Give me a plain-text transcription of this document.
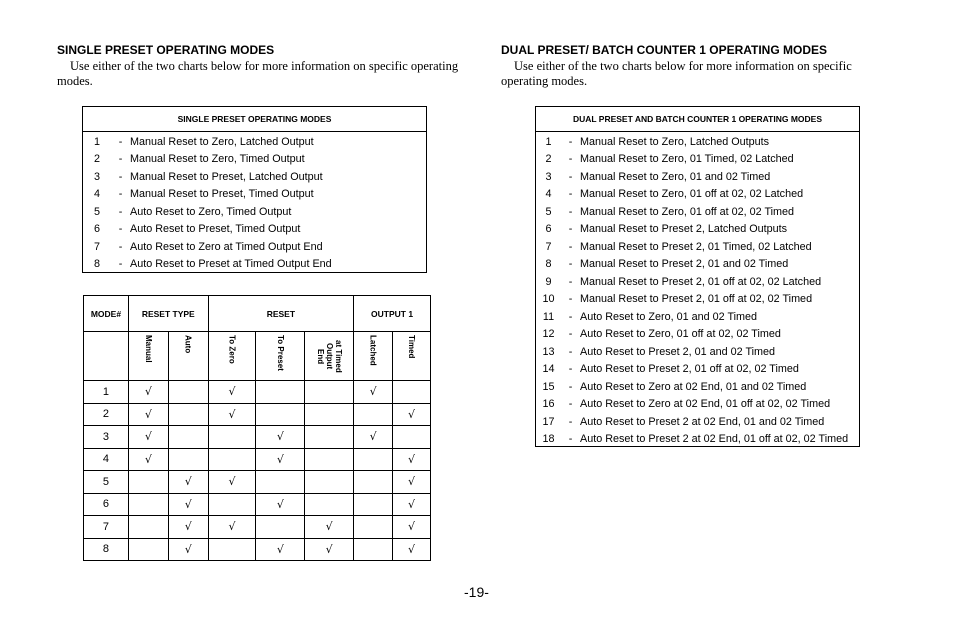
SINGLE PRESET OPERATING MODES
Use either of the two charts below for more information on specific operating
modes.
SINGLE PRESET OPERATING MODES
1	- Manual Reset to Zero, Latched Output
2	- Manual Reset to Zero, Timed Output
3	- Manual Reset to Preset, Latched Output
4	- Manual Reset to Preset, Timed Output
5	- Auto Reset to Zero, Timed Output
6	- Auto Reset to Preset, Timed Output
7	- Auto Reset to Zero at Timed Output End
8	- Auto Reset to Preset at Timed Output End
MODE#	RESET TYPE		RESET			OUTPUT 1	
	Manual	Auto	To Zero	To Preset	at Timed Output End	Latched	Timed
1	√		√			√	
2	√		√				√
3	√			√		√	
4	√			√			√
5		√	√				√
6		√		√			√
7		√	√		√		√
8		√		√	√		√
DUAL PRESET/ BATCH COUNTER 1 OPERATING MODES
Use either of the two charts below for more information on specific
operating modes.
DUAL PRESET AND BATCH COUNTER 1 OPERATING MODES
1	- Manual Reset to Zero, Latched Outputs
2	- Manual Reset to Zero, 01 Timed, 02 Latched
3	- Manual Reset to Zero, 01 and 02 Timed
4	- Manual Reset to Zero, 01 off at 02, 02 Latched
5	- Manual Reset to Zero, 01 off at 02, 02 Timed
6	- Manual Reset to Preset 2, Latched Outputs
7	- Manual Reset to Preset 2, 01 Timed, 02 Latched
8	- Manual Reset to Preset 2, 01 and 02 Timed
9	- Manual Reset to Preset 2, 01 off at 02, 02 Latched
10	- Manual Reset to Preset 2, 01 off at 02, 02 Timed
11	- Auto Reset to Zero, 01 and 02 Timed
12	- Auto Reset to Zero, 01 off at 02, 02 Timed
13	- Auto Reset to Preset 2, 01 and 02 Timed
14	- Auto Reset to Preset 2, 01 off at 02, 02 Timed
15	- Auto Reset to Zero at 02 End, 01 and 02 Timed
16	- Auto Reset to Zero at 02 End, 01 off at 02, 02 Timed
17	- Auto Reset to Preset 2 at 02 End, 01 and 02 Timed
18	- Auto Reset to Preset 2 at 02 End, 01 off at 02, 02 Timed
-19-
